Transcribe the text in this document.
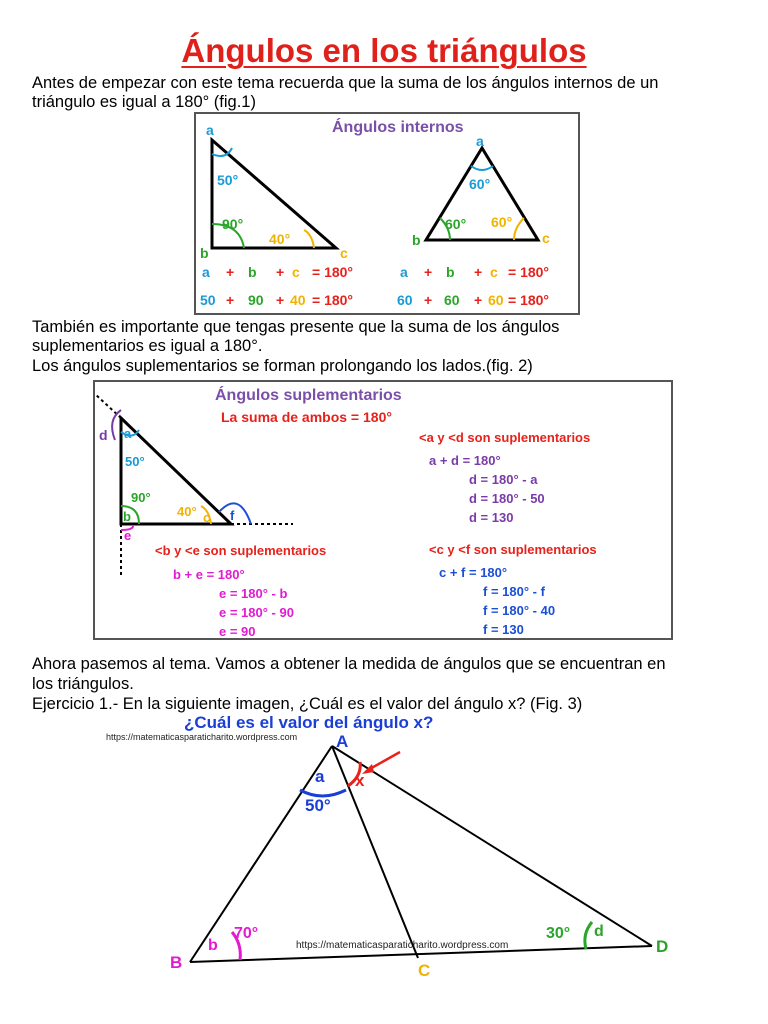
Ángulos en los triángulos

Antes de empezar con este tema recuerda que la suma de los ángulos internos de un

triángulo es igual a 180° (fig.1)

Ángulos internos
a
b	c
50°
90°
40°
a
b	c
60°
60° 60°
a + b + c = 180°
50 + 90 + 40 = 180°
a + b + c = 180°
60 + 60 + 60 = 180°

También es importante que tengas presente que la suma de los ángulos

suplementarios es igual a 180°.

Los ángulos suplementarios se forman prolongando los lados.(fig. 2)

Ángulos suplementarios
La suma de ambos = 180°
a
d
50°
90°
b
e
40° c f
<a y <d son suplementarios
a + d = 180°
d = 180° - a
d = 180° - 50
d = 130
<b y <e son suplementarios
b + e = 180°
e = 180° - b
e = 180° - 90
e = 90
<c y <f son suplementarios
c + f = 180°
f = 180° - f
f = 180° - 40
f = 130

Ahora pasemos al tema. Vamos a obtener la medida de ángulos que se encuentran en

los triángulos.

Ejercicio 1.- En la siguiente imagen, ¿Cuál es el valor del ángulo x? (Fig. 3)

¿Cuál es el valor del ángulo x?
https://matematicasparaticharito.wordpress.com A
a
50°
x
B
b
70°
C
D
d
30°
https://matematicasparaticharito.wordpress.com
